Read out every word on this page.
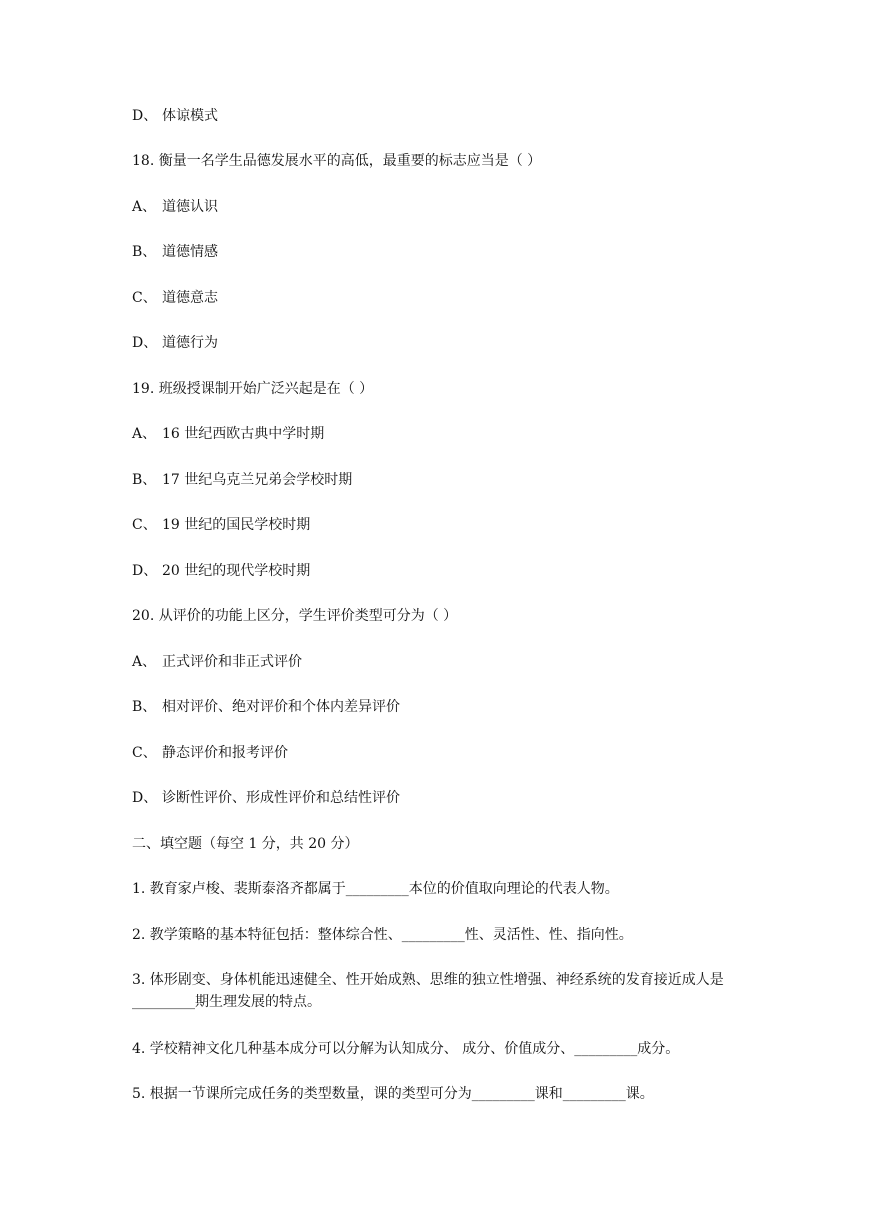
D、 体谅模式
18. 衡量一名学生品德发展水平的高低，最重要的标志应当是（ ）
A、 道德认识
B、 道德情感
C、 道德意志
D、 道德行为
19. 班级授课制开始广泛兴起是在（ ）
A、 16 世纪西欧古典中学时期
B、 17 世纪乌克兰兄弟会学校时期
C、 19 世纪的国民学校时期
D、 20 世纪的现代学校时期
20. 从评价的功能上区分，学生评价类型可分为（ ）
A、 正式评价和非正式评价
B、 相对评价、绝对评价和个体内差异评价
C、 静态评价和报考评价
D、 诊断性评价、形成性评价和总结性评价
二、填空题（每空 1 分，共 20 分）
1. 教育家卢梭、裴斯泰洛齐都属于_________本位的价值取向理论的代表人物。
2. 教学策略的基本特征包括：整体综合性、_________性、灵活性、性、指向性。
3. 体形剧变、身体机能迅速健全、性开始成熟、思维的独立性增强、神经系统的发育接近成人是_________期生理发展的特点。
4. 学校精神文化几种基本成分可以分解为认知成分、 成分、价值成分、_________成分。
5. 根据一节课所完成任务的类型数量，课的类型可分为_________课和_________课。
